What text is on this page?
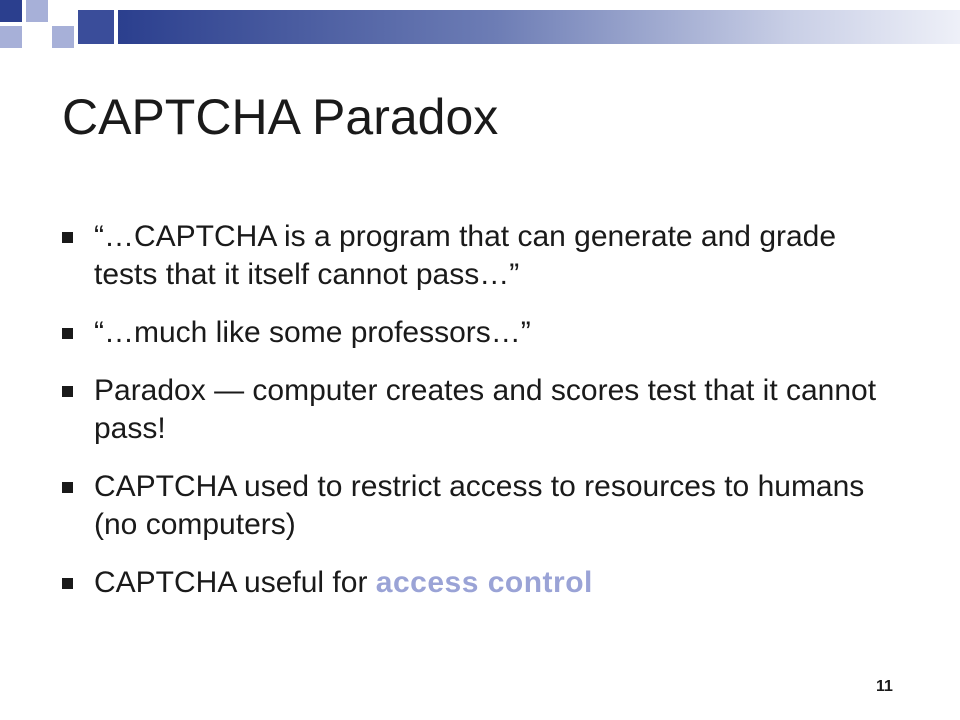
CAPTCHA Paradox
“…CAPTCHA is a program that can generate and grade tests that it itself cannot pass…”
“…much like some professors…”
Paradox — computer creates and scores test that it cannot pass!
CAPTCHA used to restrict access to resources to humans (no computers)
CAPTCHA useful for access control
11
